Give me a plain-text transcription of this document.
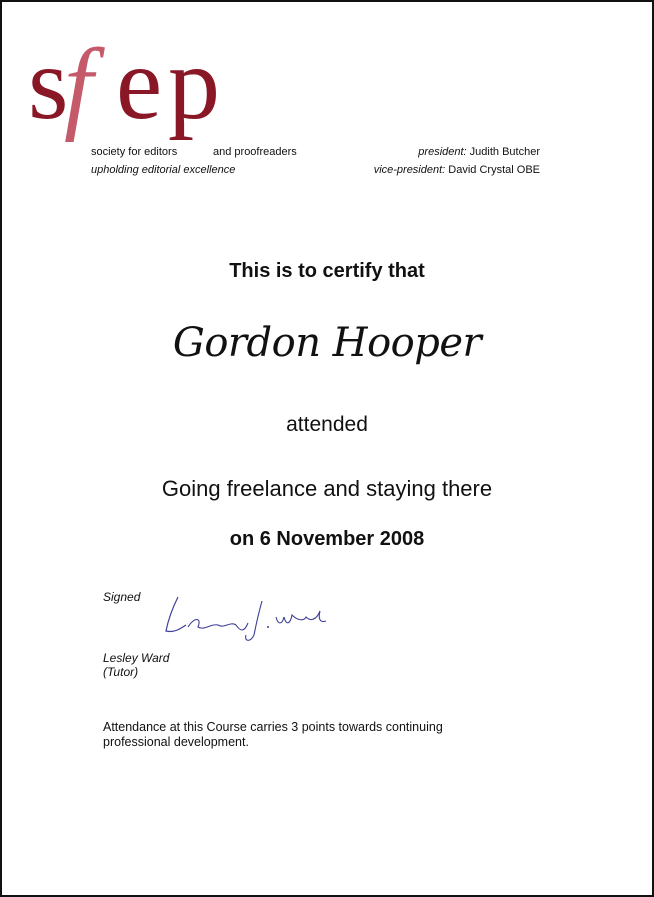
s
f e p
society for editors	and proofreaders
upholding editorial excellence
president: Judith Butcher
vice-president: David Crystal OBE
This is to certify that
Gordon Hooper
attended
Going freelance and staying there
on 6 November 2008
Signed
Lesley Ward
(Tutor)
Attendance at this Course carries 3 points towards continuing professional development.
